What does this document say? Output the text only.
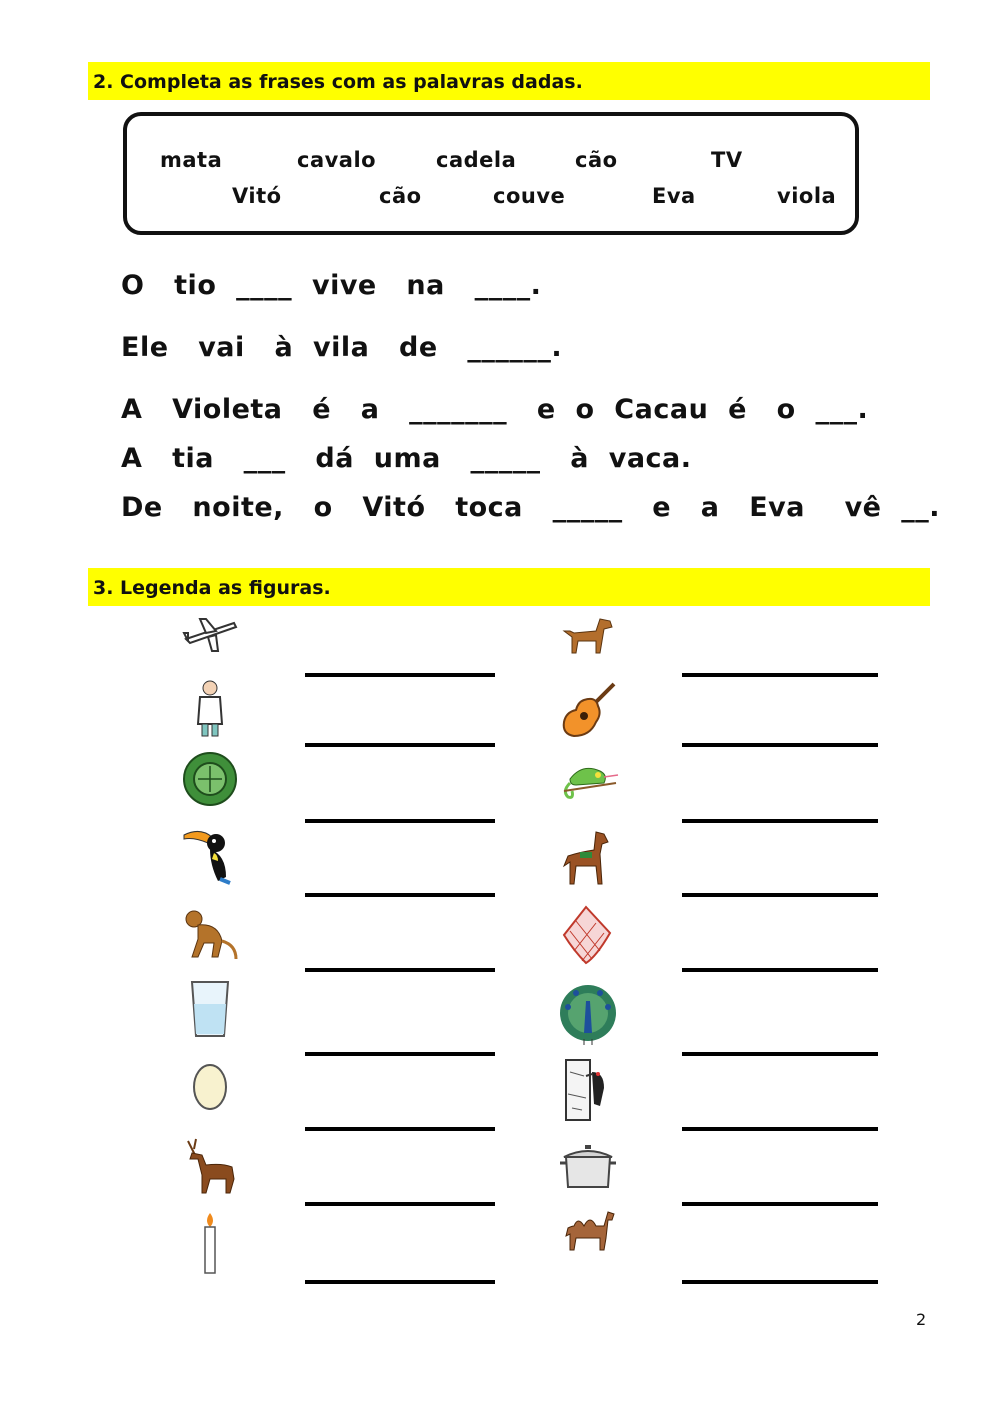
2. Completa as frases com as palavras dadas.
mata	cavalo	cadela	cão	TV
Vitó	cão	couve	Eva	viola
O   tio  ____  vive   na   ____.
Ele   vai   à  vila   de   ______.
A   Violeta   é   a   _______   e  o  Cacau  é   o  ___.
A   tia   ___   dá  uma   _____   à  vaca.
De   noite,   o   Vitó   toca   _____   e   a   Eva    vê  __.
3. Legenda as figuras.
2
